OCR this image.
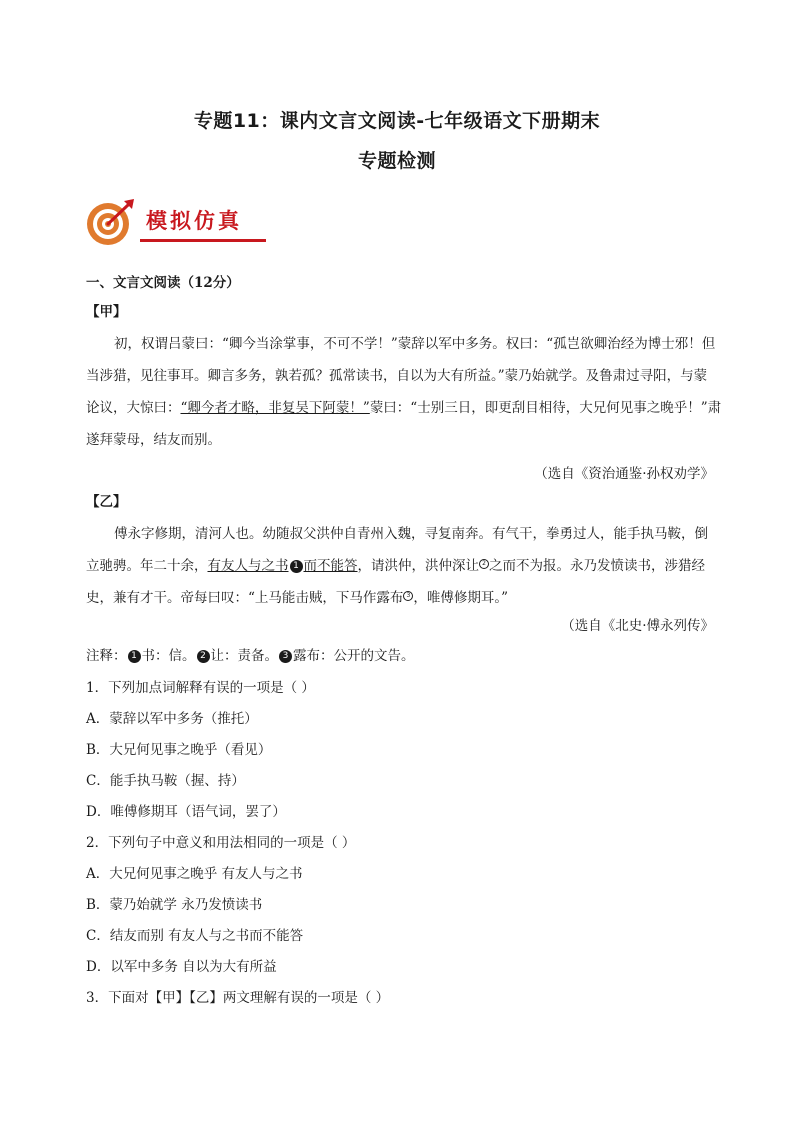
专题11：课内文言文阅读-七年级语文下册期末
专题检测
模拟仿真
一、文言文阅读（12分）
【甲】
初，权谓吕蒙曰：“卿今当涂掌事，不可不学！”蒙辞以军中多务。权曰：“孤岂欲卿治经为博士邪！但
当涉猎，见往事耳。卿言多务，孰若孤？孤常读书，自以为大有所益。”蒙乃始就学。及鲁肃过寻阳，与蒙
论议，大惊曰：“卿今者才略，非复吴下阿蒙！”蒙曰：“士别三日，即更刮目相待，大兄何见事之晚乎！”肃
遂拜蒙母，结友而别。
（选自《资治通鉴·孙权劝学》
【乙】
傅永字修期，清河人也。幼随叔父洪仲自青州入魏，寻复南奔。有气干，拳勇过人，能手执马鞍，倒
立驰骋。年二十余，有友人与之书 1 而不能答，请洪仲，洪仲深让 2 之而不为报。永乃发愤读书，涉猎经
史，兼有才干。帝每曰叹：“上马能击贼，下马作露布 3 ，唯傅修期耳。”
（选自《北史·傅永列传》
注释： 1 书：信。 2 让：责备。 3 露布：公开的文告。
1．下列加点词解释有误的一项是（ ）
A．蒙辞以军中多务（推托）
B．大兄何见事之晚乎（看见）
C．能手执马鞍（握、持）
D．唯傅修期耳（语气词，罢了）
2．下列句子中意义和用法相同的一项是（ ）
A．大兄何见事之晚乎 有友人与之书
B．蒙乃始就学 永乃发愤读书
C．结友而别 有友人与之书而不能答
D．以军中多务 自以为大有所益
3．下面对【甲】【乙】两文理解有误的一项是（ ）
